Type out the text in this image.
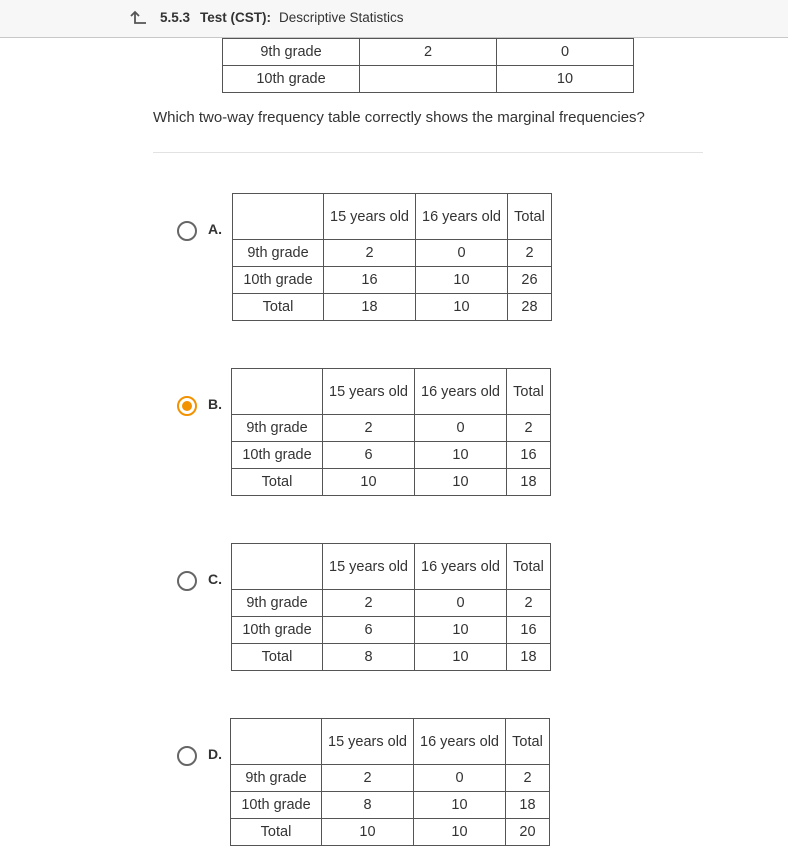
5.5.3 Test (CST): Descriptive Statistics
9th grade	2	0
10th grade		10
Which two-way frequency table correctly shows the marginal frequencies?
A.
	15 years old	16 years old	Total
9th grade	2	0	2
10th grade	16	10	26
Total	18	10	28
B.
	15 years old	16 years old	Total
9th grade	2	0	2
10th grade	6	10	16
Total	10	10	18
C.
	15 years old	16 years old	Total
9th grade	2	0	2
10th grade	6	10	16
Total	8	10	18
D.
	15 years old	16 years old	Total
9th grade	2	0	2
10th grade	8	10	18
Total	10	10	20
